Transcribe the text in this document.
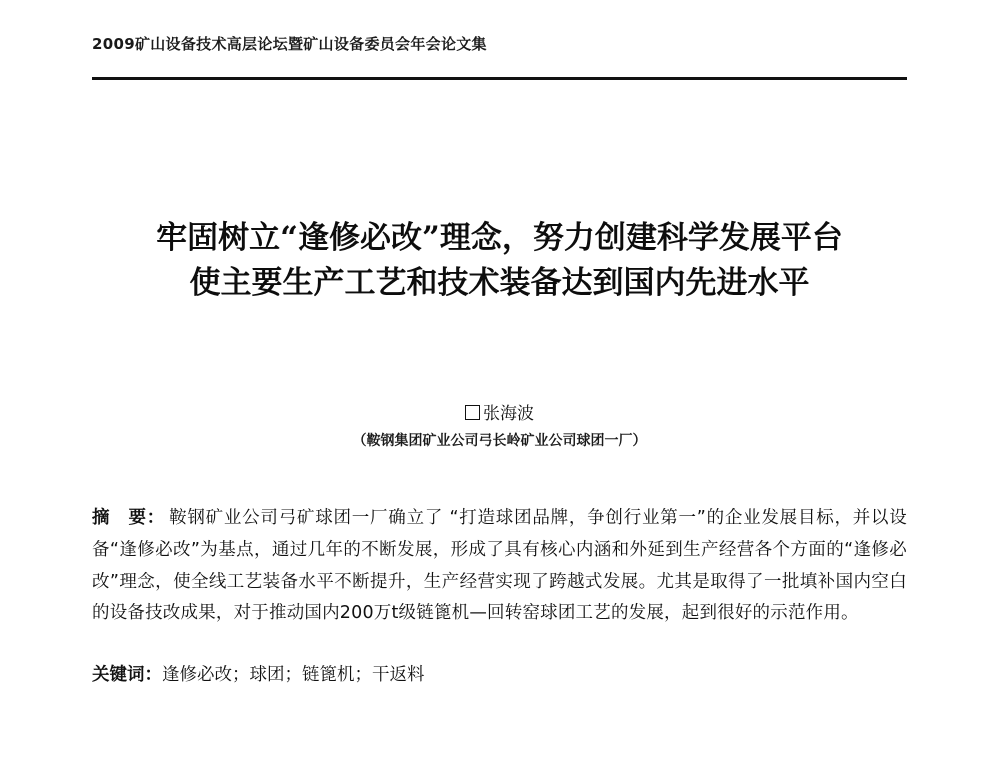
2009矿山设备技术高层论坛暨矿山设备委员会年会论文集
牢固树立“逢修必改”理念，努力创建科学发展平台
使主要生产工艺和技术装备达到国内先进水平
张海波
（鞍钢集团矿业公司弓长岭矿业公司球团一厂）
摘　要： 鞍钢矿业公司弓矿球团一厂确立了 “打造球团品牌，争创行业第一”的企业发展目标，并以设备“逢修必改”为基点，通过几年的不断发展，形成了具有核心内涵和外延到生产经营各个方面的“逢修必改”理念，使全线工艺装备水平不断提升，生产经营实现了跨越式发展。尤其是取得了一批填补国内空白的设备技改成果，对于推动国内200万t级链篦机—回转窑球团工艺的发展，起到很好的示范作用。
关键词：逢修必改；球团；链篦机；干返料
